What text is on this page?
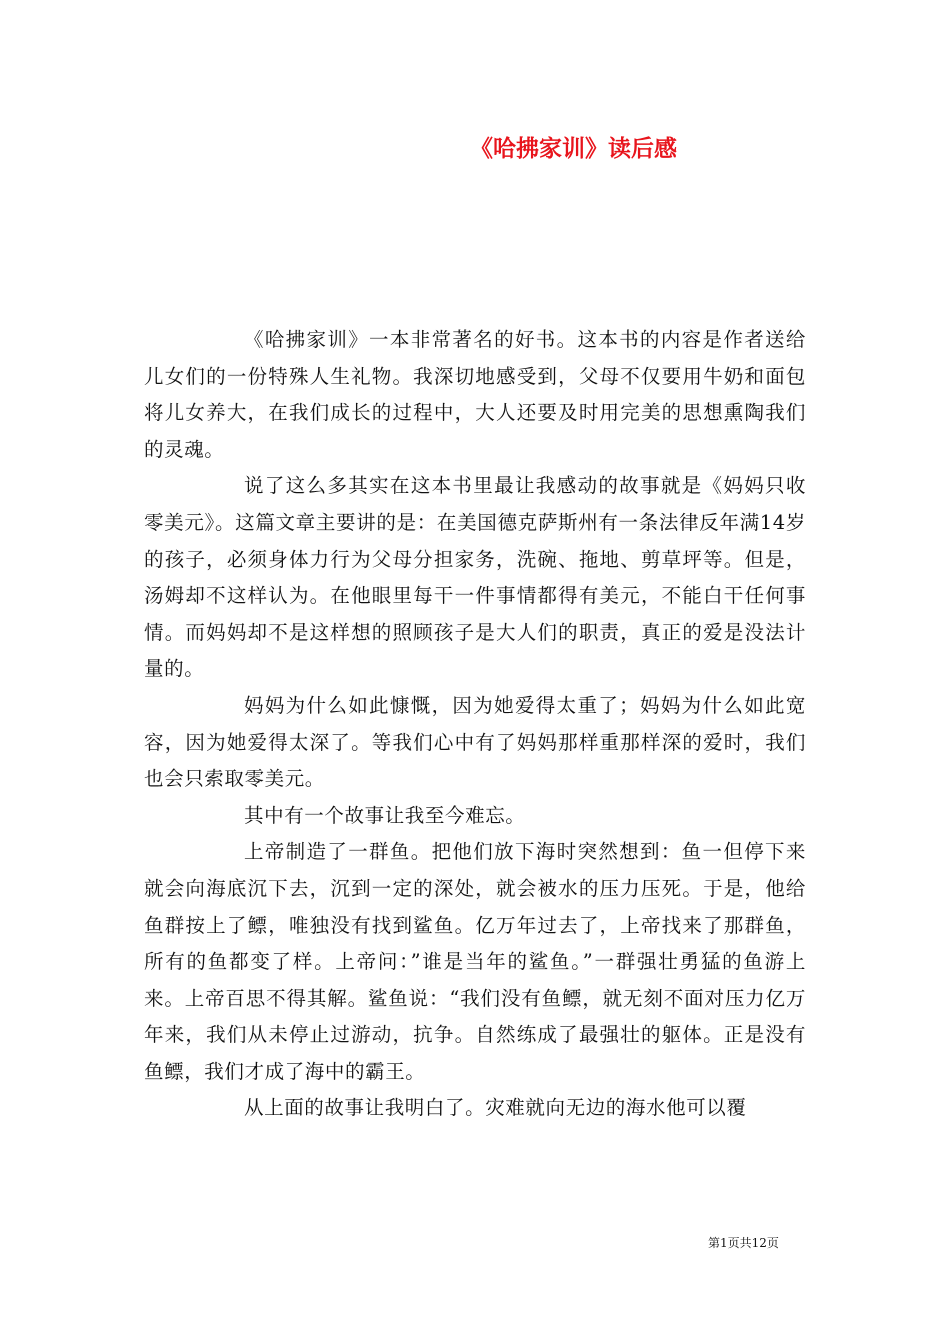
《哈拂家训》读后感

《哈拂家训》一本非常著名的好书。这本书的内容是作者送给儿女们的一份特殊人生礼物。我深切地感受到，父母不仅要用牛奶和面包将儿女养大，在我们成长的过程中，大人还要及时用完美的思想熏陶我们的灵魂。

说了这么多其实在这本书里最让我感动的故事就是《妈妈只收零美元》。这篇文章主要讲的是：在美国德克萨斯州有一条法律反年满14岁的孩子，必须身体力行为父母分担家务，洗碗、拖地、剪草坪等。但是，汤姆却不这样认为。在他眼里每干一件事情都得有美元，不能白干任何事情。而妈妈却不是这样想的照顾孩子是大人们的职责，真正的爱是没法计量的。

妈妈为什么如此慷慨，因为她爱得太重了；妈妈为什么如此宽容，因为她爱得太深了。等我们心中有了妈妈那样重那样深的爱时，我们也会只索取零美元。

其中有一个故事让我至今难忘。

上帝制造了一群鱼。把他们放下海时突然想到：鱼一但停下来就会向海底沉下去，沉到一定的深处，就会被水的压力压死。于是，他给鱼群按上了鳔，唯独没有找到鲨鱼。亿万年过去了，上帝找来了那群鱼，所有的鱼都变了样。上帝问：”谁是当年的鲨鱼。”一群强壮勇猛的鱼游上来。上帝百思不得其解。鲨鱼说：“我们没有鱼鳔，就无刻不面对压力亿万年来，我们从未停止过游动，抗争。自然练成了最强壮的躯体。正是没有鱼鳔，我们才成了海中的霸王。

从上面的故事让我明白了。灾难就向无边的海水他可以覆

第1页共12页
